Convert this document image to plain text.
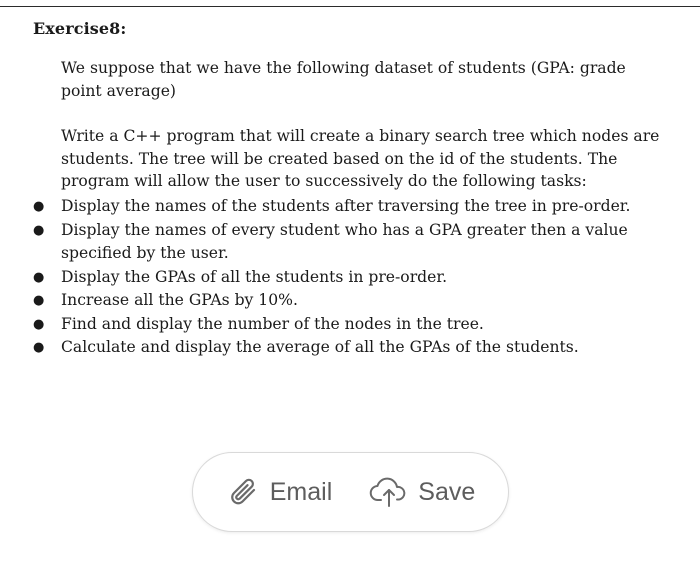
Exercise8:
We suppose that we have the following dataset of students (GPA: grade point average)
Write a C++ program that will create a binary search tree which nodes are students. The tree will be created based on the id of the students. The program will allow the user to successively do the following tasks:
● Display the names of the students after traversing the tree in pre-order.
● Display the names of every student who has a GPA greater then a value specified by the user.
● Display the GPAs of all the students in pre-order.
● Increase all the GPAs by 10%.
● Find and display the number of the nodes in the tree.
● Calculate and display the average of all the GPAs of the students.
Email	Save
